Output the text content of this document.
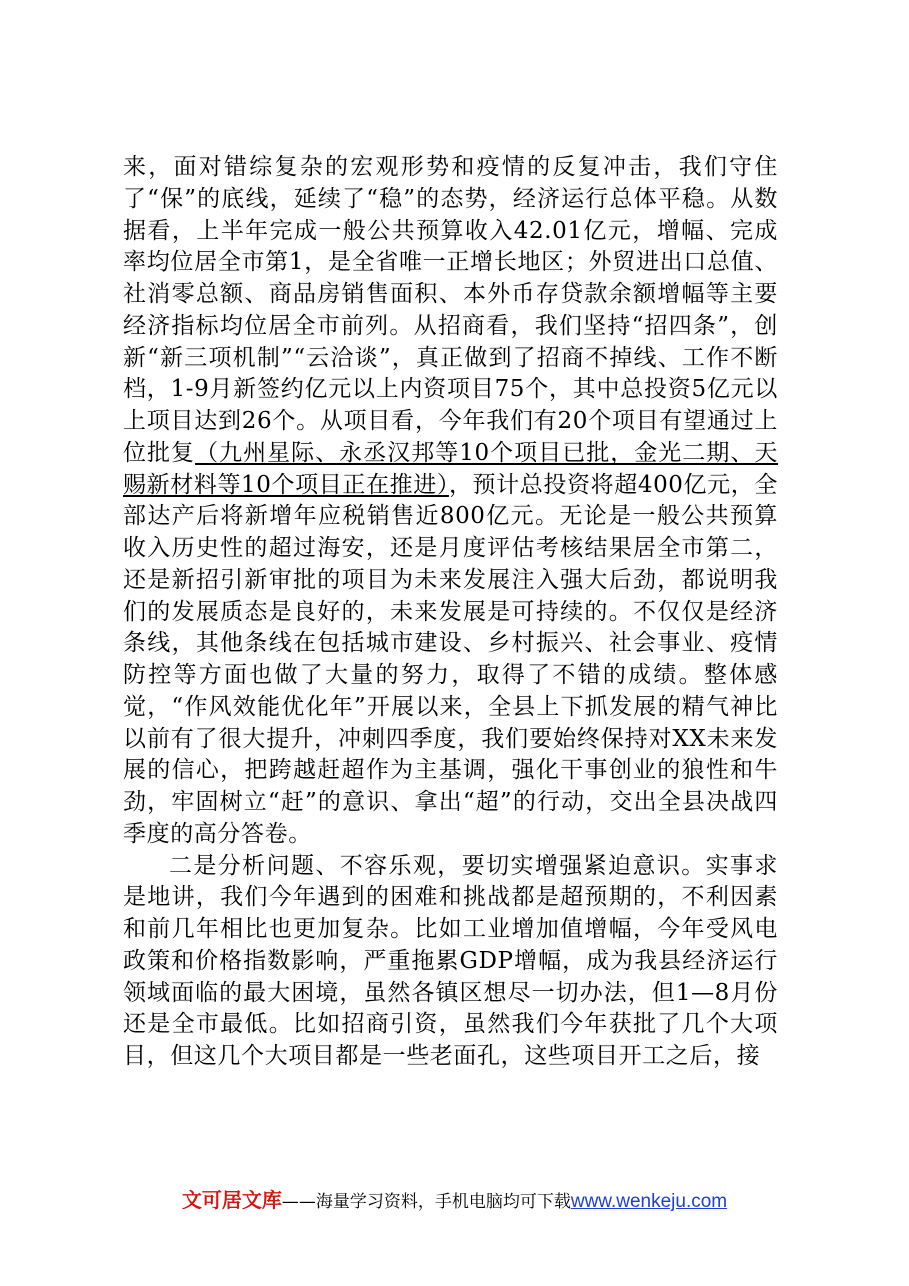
来，面对错综复杂的宏观形势和疫情的反复冲击，我们守住了“保”的底线，延续了“稳”的态势，经济运行总体平稳。从数据看，上半年完成一般公共预算收入42.01亿元，增幅、完成率均位居全市第1，是全省唯一正增长地区；外贸进出口总值、社消零总额、商品房销售面积、本外币存贷款余额增幅等主要经济指标均位居全市前列。从招商看，我们坚持“招四条”，创新“新三项机制”“云洽谈”，真正做到了招商不掉线、工作不断档，1-9月新签约亿元以上内资项目75个，其中总投资5亿元以上项目达到26个。从项目看，今年我们有20个项目有望通过上位批复（九州星际、永丞汉邦等10个项目已批，金光二期、天赐新材料等10个项目正在推进），预计总投资将超400亿元，全部达产后将新增年应税销售近800亿元。无论是一般公共预算收入历史性的超过海安，还是月度评估考核结果居全市第二，还是新招引新审批的项目为未来发展注入强大后劲，都说明我们的发展质态是良好的，未来发展是可持续的。不仅仅是经济条线，其他条线在包括城市建设、乡村振兴、社会事业、疫情防控等方面也做了大量的努力，取得了不错的成绩。整体感觉，“作风效能优化年”开展以来，全县上下抓发展的精气神比以前有了很大提升，冲刺四季度，我们要始终保持对XX未来发展的信心，把跨越赶超作为主基调，强化干事创业的狼性和牛劲，牢固树立“赶”的意识、拿出“超”的行动，交出全县决战四季度的高分答卷。

二是分析问题、不容乐观，要切实增强紧迫意识。实事求是地讲，我们今年遇到的困难和挑战都是超预期的，不利因素和前几年相比也更加复杂。比如工业增加值增幅，今年受风电政策和价格指数影响，严重拖累GDP增幅，成为我县经济运行领域面临的最大困境，虽然各镇区想尽一切办法，但1—8月份还是全市最低。比如招商引资，虽然我们今年获批了几个大项目，但这几个大项目都是一些老面孔，这些项目开工之后，接

文可居文库——海量学习资料，手机电脑均可下载www.wenkeju.com
